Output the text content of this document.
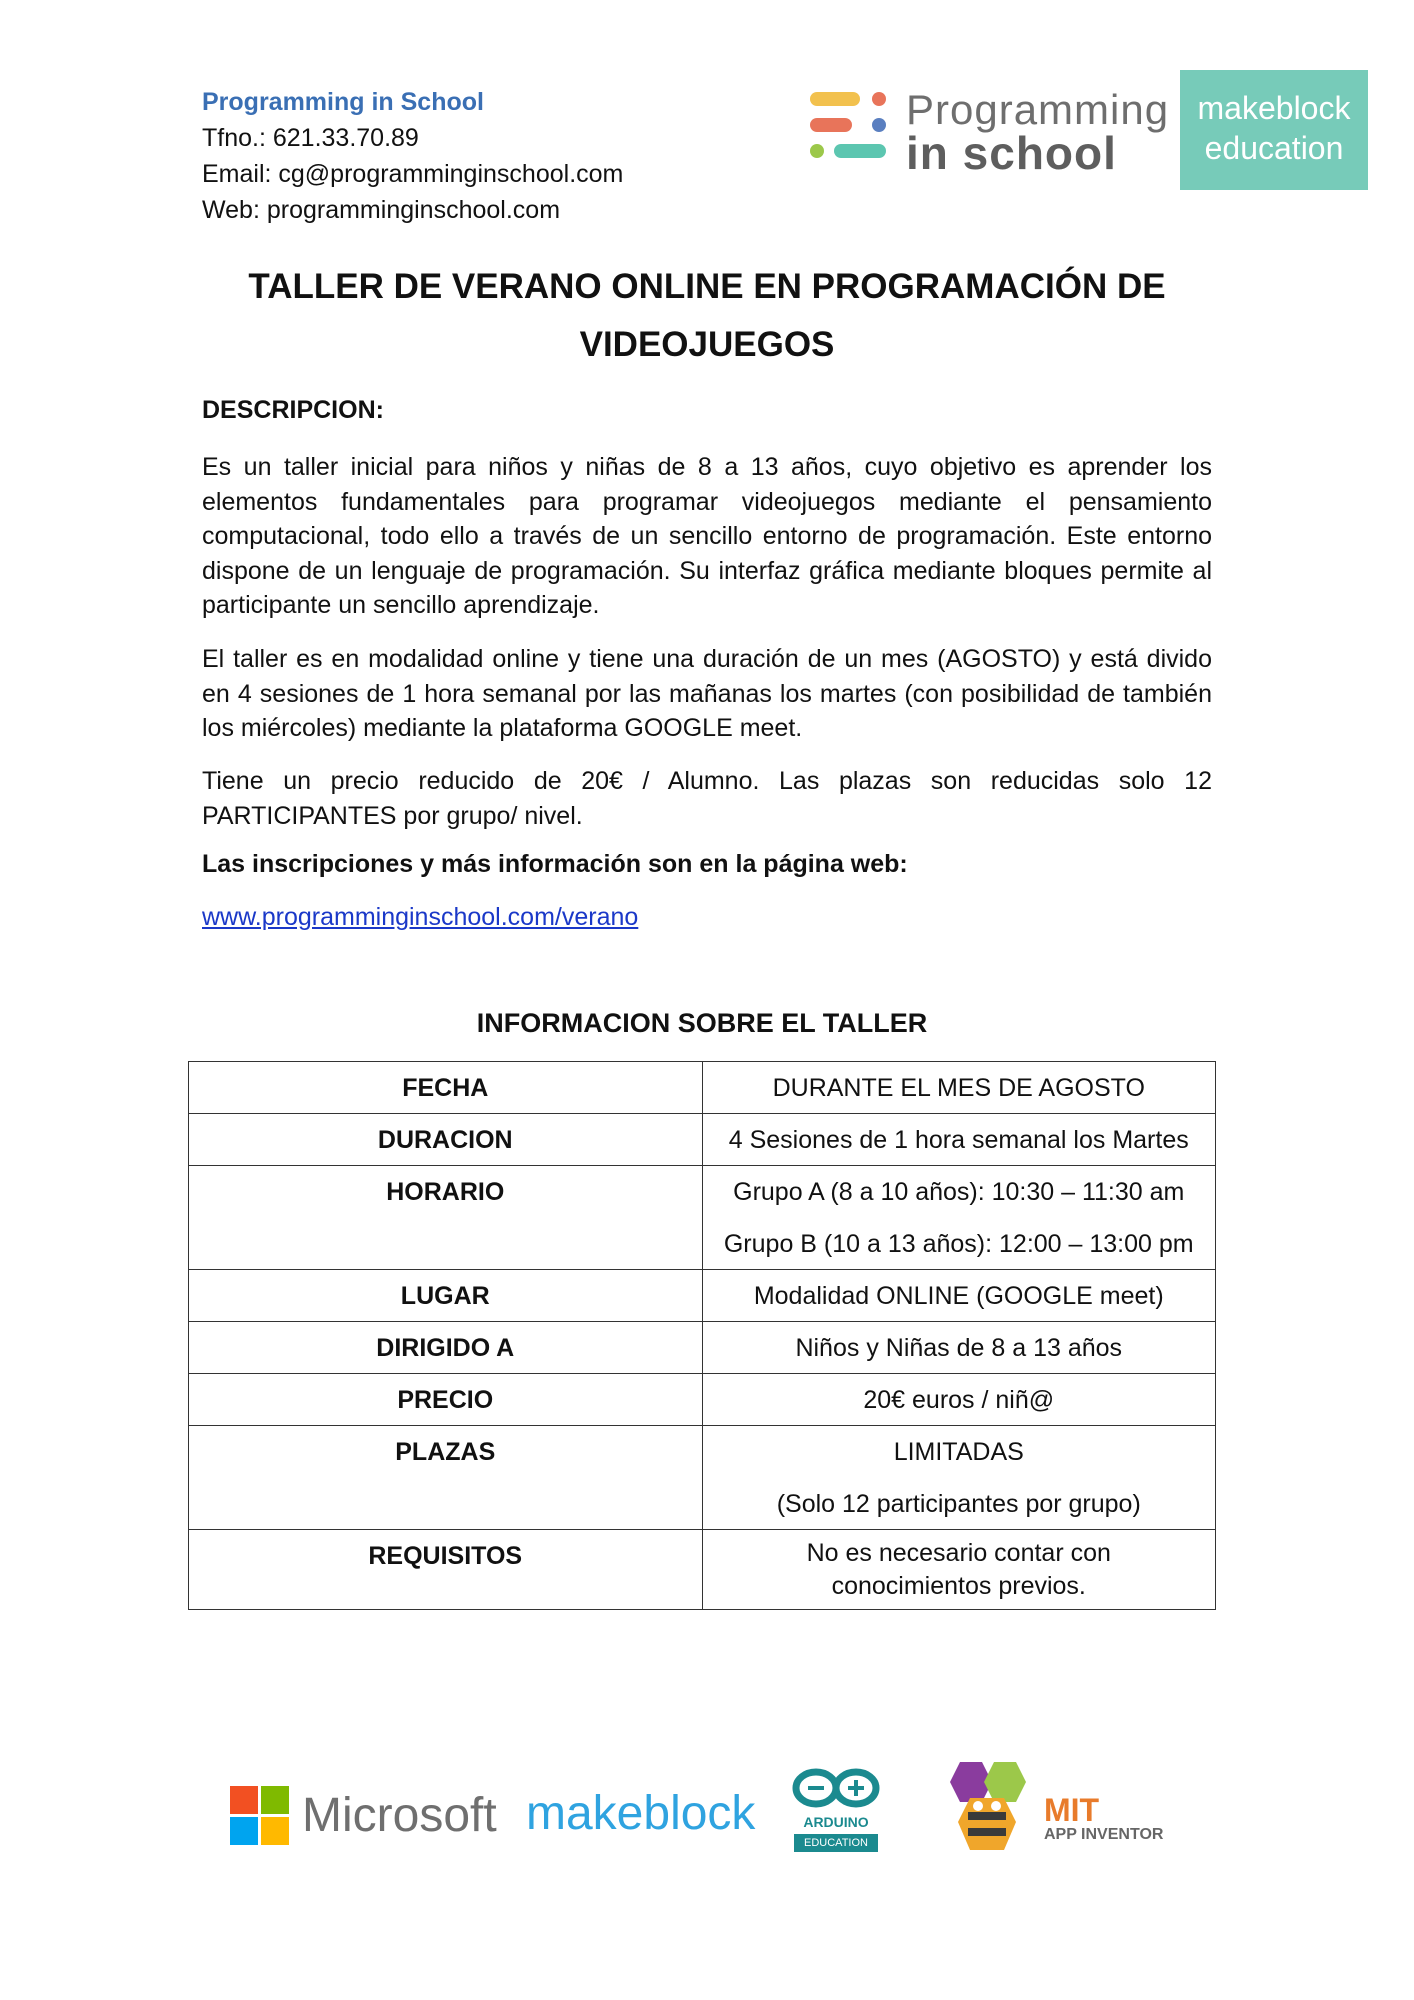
Programming in School
Tfno.: 621.33.70.89
Email: cg@programminginschool.com
Web: programminginschool.com
Programming
in school
makeblock
education
TALLER DE VERANO ONLINE EN PROGRAMACIÓN DE
VIDEOJUEGOS
DESCRIPCION:
Es un taller inicial para niños y niñas de 8 a 13 años, cuyo objetivo es aprender los elementos fundamentales para programar videojuegos mediante el pensamiento computacional, todo ello a través de un sencillo entorno de programación. Este entorno dispone de un lenguaje de programación. Su interfaz gráfica mediante bloques permite al participante un sencillo aprendizaje.
El taller es en modalidad online y tiene una duración de un mes (AGOSTO) y está divido en 4 sesiones de 1 hora semanal por las mañanas los martes (con posibilidad de también los miércoles) mediante la plataforma GOOGLE meet.
Tiene un precio reducido de 20€ / Alumno. Las plazas son reducidas solo 12 PARTICIPANTES por grupo/ nivel.
Las inscripciones y más información son en la página web:
www.programminginschool.com/verano
INFORMACION SOBRE EL TALLER
FECHA	DURANTE EL MES DE AGOSTO
DURACION	4 Sesiones de 1 hora semanal los Martes
HORARIO	Grupo A (8 a 10 años): 10:30 – 11:30 am
Grupo B (10 a 13 años): 12:00 – 13:00 pm

LUGAR	Modalidad ONLINE (GOOGLE meet)
DIRIGIDO A	Niños y Niñas de 8 a 13 años
PRECIO	20€ euros / niñ@
PLAZAS	LIMITADAS
(Solo 12 participantes por grupo)

REQUISITOS	No es necesario contar con
conocimientos previos.
Microsoft makeblock	ARDUINO
EDUCATION
MIT
APP INVENTOR
